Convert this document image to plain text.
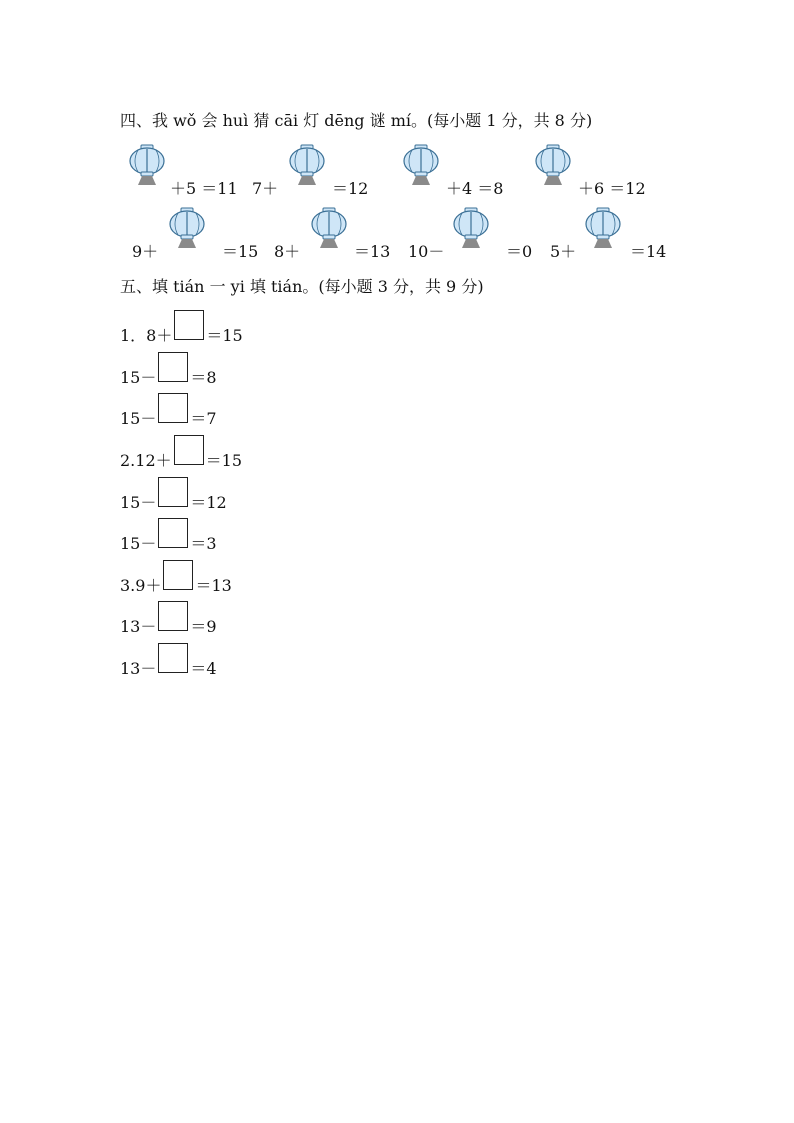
四、我 wǒ 会 huì 猜 cāi 灯 dēng 谜 mí。(每小题 1 分，共 8 分)
＋5 ＝11 7＋	＝12	＋4 ＝8	＋6 ＝12
9＋	＝15 8＋	＝13 10－	＝0 5＋	＝14
五、填 tián 一 yi 填 tián。(每小题 3 分，共 9 分)
1．8＋ ＝15
15－ ＝8
15－ ＝7
2.12＋ ＝15
15－ ＝12
15－ ＝3
3.9＋ ＝13
13－ ＝9
13－ ＝4
